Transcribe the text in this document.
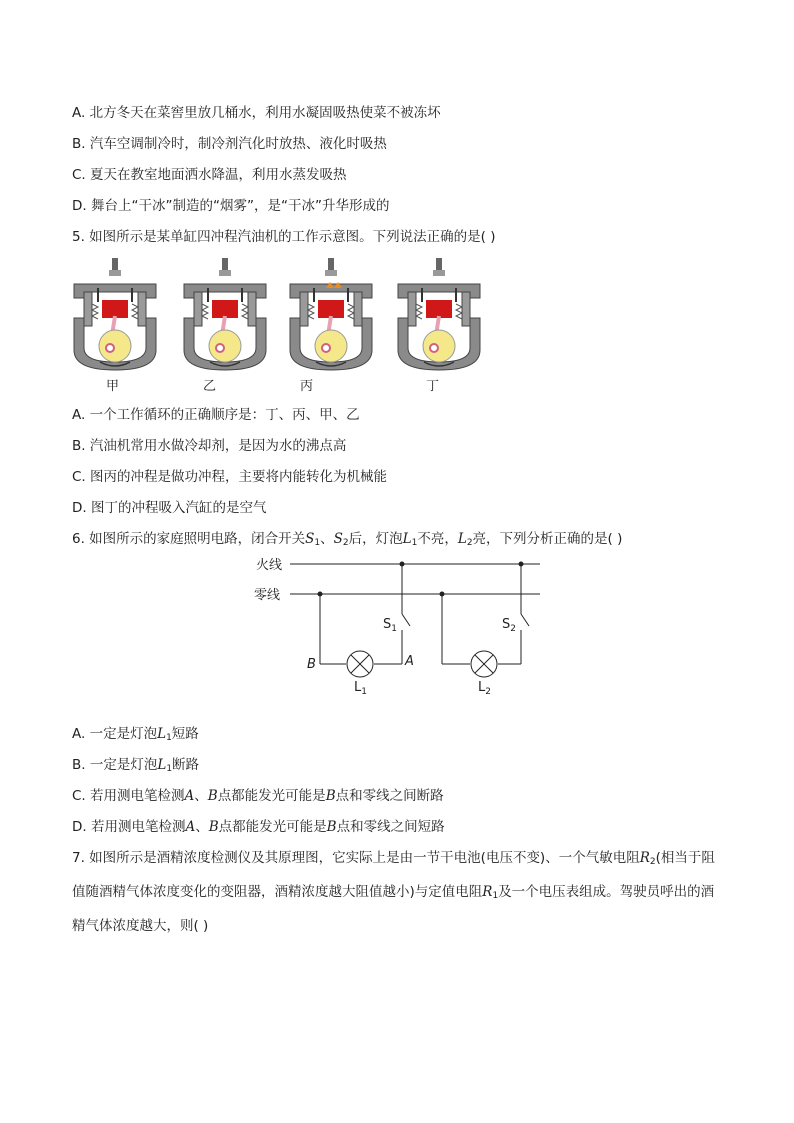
A. 北方冬天在菜窖里放几桶水，利用水凝固吸热使菜不被冻坏
B. 汽车空调制冷时，制冷剂汽化时放热、液化时吸热
C. 夏天在教室地面洒水降温，利用水蒸发吸热
D. 舞台上“干冰”制造的“烟雾”，是“干冰”升华形成的
5. 如图所示是某单缸四冲程汽油机的工作示意图。下列说法正确的是( )
甲	乙	丙	丁
A. 一个工作循环的正确顺序是：丁、丙、甲、乙
B. 汽油机常用水做冷却剂，是因为水的沸点高
C. 图丙的冲程是做功冲程，主要将内能转化为机械能
D. 图丁的冲程吸入汽缸的是空气
6. 如图所示的家庭照明电路，闭合开关$S_1$、$S_2$后，灯泡$L_1$不亮，$L_2$亮，下列分析正确的是( )
火线
零线
$S_1$	$S_2$
B	A
$L_1$	$L_2$
A. 一定是灯泡$L_1$短路
B. 一定是灯泡$L_1$断路
C. 若用测电笔检测A、B点都能发光可能是B点和零线之间断路
D. 若用测电笔检测A、B点都能发光可能是B点和零线之间短路
7. 如图所示是酒精浓度检测仪及其原理图，它实际上是由一节干电池(电压不变)、一个气敏电阻$R_2$(相当于阻值随酒精气体浓度变化的变阻器，酒精浓度越大阻值越小)与定值电阻$R_1$及一个电压表组成。驾驶员呼出的酒精气体浓度越大，则( )
